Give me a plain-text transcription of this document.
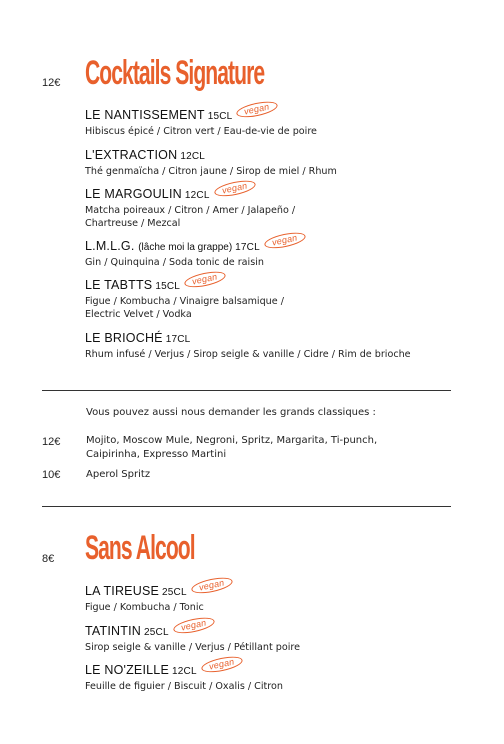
12€ Cocktails Signature
LE NANTISSEMENT 15CL vegan
Hibiscus épicé / Citron vert / Eau-de-vie de poire
L'EXTRACTION 12CL
Thé genmaïcha / Citron jaune / Sirop de miel / Rhum
LE MARGOULIN 12CL vegan
Matcha poireaux / Citron / Amer / Jalapeño /
Chartreuse / Mezcal
L.M.L.G. (lâche moi la grappe) 17CL vegan
Gin / Quinquina / Soda tonic de raisin
LE TABTTS 15CL vegan
Figue / Kombucha / Vinaigre balsamique /
Electric Velvet / Vodka
LE BRIOCHÉ 17CL
Rhum infusé / Verjus / Sirop seigle & vanille / Cidre / Rim de brioche
Vous pouvez aussi nous demander les grands classiques :
12€	Mojito, Moscow Mule, Negroni, Spritz, Margarita, Ti-punch,
Caipirinha, Expresso Martini
10€	Aperol Spritz
8€ Sans Alcool
LA TIREUSE 25CL vegan
Figue / Kombucha / Tonic
TATINTIN 25CL vegan
Sirop seigle & vanille / Verjus / Pétillant poire
LE NO'ZEILLE 12CL vegan
Feuille de figuier / Biscuit / Oxalis / Citron
